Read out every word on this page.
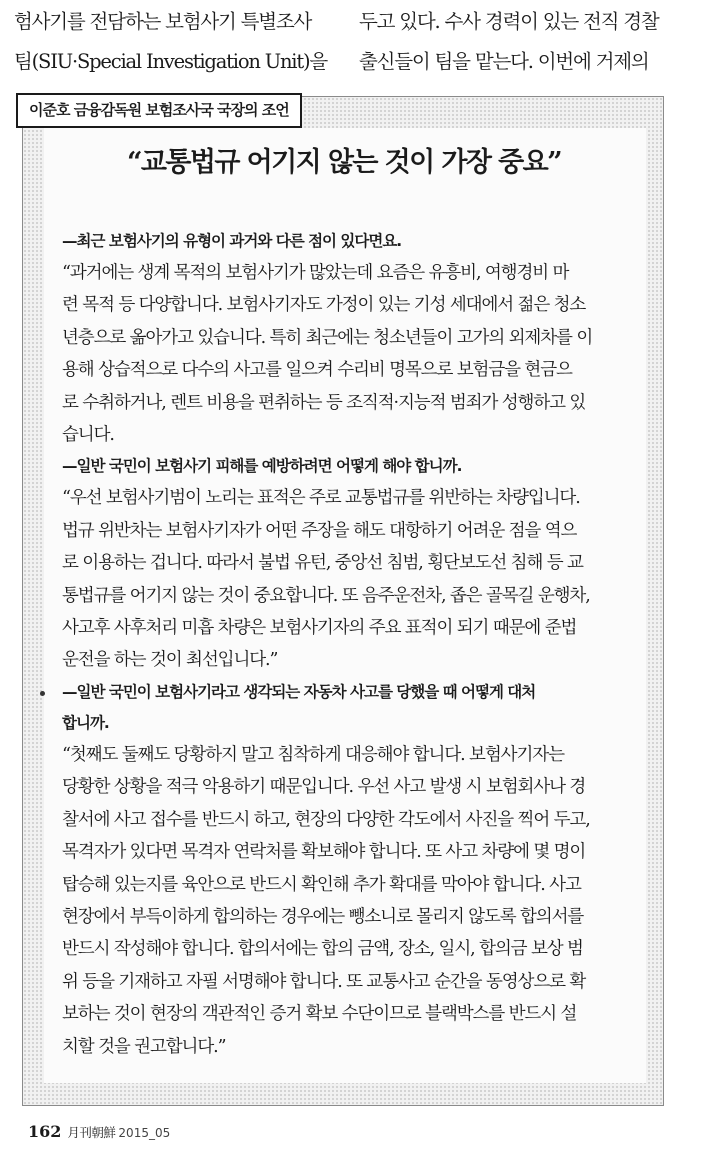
험사기를 전담하는 보험사기 특별조사

팀(SIU·Special Investigation Unit)을

두고 있다. 수사 경력이 있는 전직 경찰

출신들이 팀을 맡는다. 이번에 거제의

이준호 금융감독원 보험조사국 국장의 조언
“교통법규 어기지 않는 것이 가장 중요”

—최근 보험사기의 유형이 과거와 다른 점이 있다면요.

“과거에는 생계 목적의 보험사기가 많았는데 요즘은 유흥비, 여행경비 마

련 목적 등 다양합니다. 보험사기자도 가정이 있는 기성 세대에서 젊은 청소

년층으로 옮아가고 있습니다. 특히 최근에는 청소년들이 고가의 외제차를 이

용해 상습적으로 다수의 사고를 일으켜 수리비 명목으로 보험금을 현금으

로 수취하거나, 렌트 비용을 편취하는 등 조직적·지능적 범죄가 성행하고 있

습니다.

—일반 국민이 보험사기 피해를 예방하려면 어떻게 해야 합니까.

“우선 보험사기범이 노리는 표적은 주로 교통법규를 위반하는 차량입니다.

법규 위반차는 보험사기자가 어떤 주장을 해도 대항하기 어려운 점을 역으

로 이용하는 겁니다. 따라서 불법 유턴, 중앙선 침범, 횡단보도선 침해 등 교

통법규를 어기지 않는 것이 중요합니다. 또 음주운전차, 좁은 골목길 운행차,

사고후 사후처리 미흡 차량은 보험사기자의 주요 표적이 되기 때문에 준법

운전을 하는 것이 최선입니다.”

—일반 국민이 보험사기라고 생각되는 자동차 사고를 당했을 때 어떻게 대처

합니까.

“첫째도 둘째도 당황하지 말고 침착하게 대응해야 합니다. 보험사기자는

당황한 상황을 적극 악용하기 때문입니다. 우선 사고 발생 시 보험회사나 경

찰서에 사고 접수를 반드시 하고, 현장의 다양한 각도에서 사진을 찍어 두고,

목격자가 있다면 목격자 연락처를 확보해야 합니다. 또 사고 차량에 몇 명이

탑승해 있는지를 육안으로 반드시 확인해 추가 확대를 막아야 합니다. 사고

현장에서 부득이하게 합의하는 경우에는 뺑소니로 몰리지 않도록 합의서를

반드시 작성해야 합니다. 합의서에는 합의 금액, 장소, 일시, 합의금 보상 범

위 등을 기재하고 자필 서명해야 합니다. 또 교통사고 순간을 동영상으로 확

보하는 것이 현장의 객관적인 증거 확보 수단이므로 블랙박스를 반드시 설

치할 것을 권고합니다.”

162 月刊朝鮮 2015_05
